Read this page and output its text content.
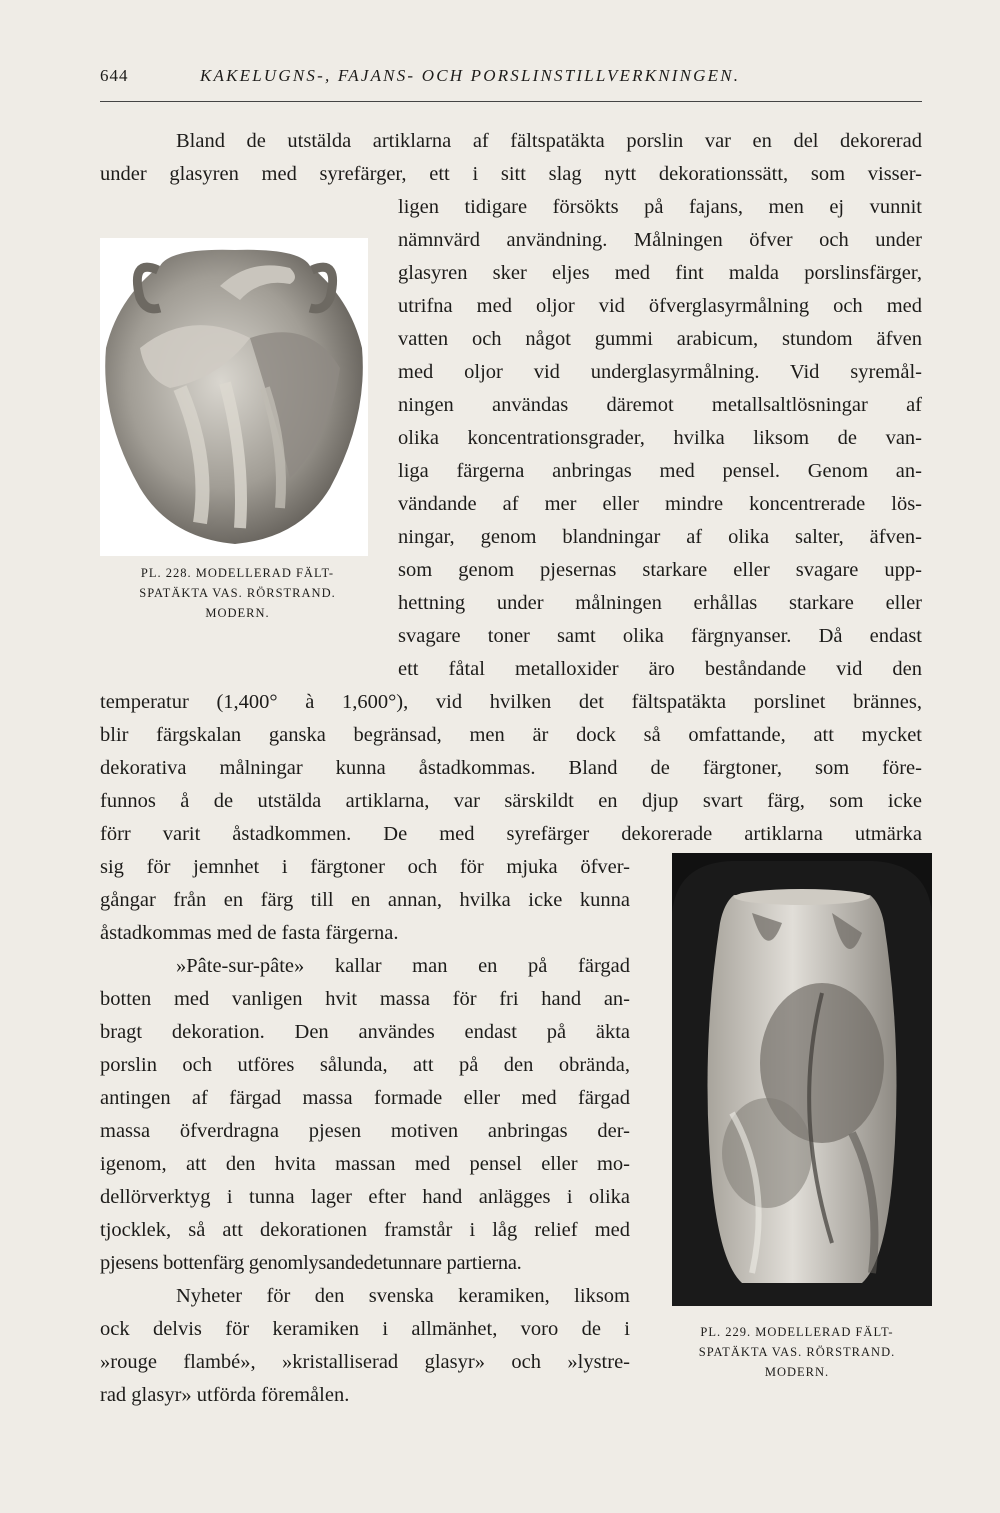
644	KAKELUGNS-, FAJANS- OCH PORSLINSTILLVERKNINGEN.
PL. 228. MODELLERAD FÄLT-
SPATÄKTA VAS. RÖRSTRAND.
MODERN.
PL. 229. MODELLERAD FÄLT-
SPATÄKTA VAS. RÖRSTRAND.
MODERN.
Bland de utstälda artiklarna af fältspatäkta porslin var en del dekorerad
under glasyren med syrefärger, ett i sitt slag nytt dekorationssätt, som visser-
ligen tidigare försökts på fajans, men ej vunnit
nämnvärd användning. Målningen öfver och under
glasyren sker eljes med fint malda porslinsfärger,
utrifna med oljor vid öfverglasyrmålning och med
vatten och något gummi arabicum, stundom äfven
med oljor vid underglasyrmålning. Vid syremål-
ningen användas däremot metallsaltlösningar af
olika koncentrationsgrader, hvilka liksom de van-
liga färgerna anbringas med pensel. Genom an-
vändande af mer eller mindre koncentrerade lös-
ningar, genom blandningar af olika salter, äfven-
som genom pjesernas starkare eller svagare upp-
hettning under målningen erhållas starkare eller
svagare toner samt olika färgnyanser. Då endast
ett fåtal metalloxider äro beståndande vid den
temperatur (1,400° à 1,600°), vid hvilken det fältspatäkta porslinet brännes,
blir färgskalan ganska begränsad, men är dock så omfattande, att mycket
dekorativa målningar kunna åstadkommas. Bland de färgtoner, som före-
funnos å de utstälda artiklarna, var särskildt en djup svart färg, som icke
förr varit åstadkommen. De med syrefärger dekorerade artiklarna utmärka
sig för jemnhet i färgtoner och för mjuka öfver-
gångar från en färg till en annan, hvilka icke kunna
åstadkommas med de fasta färgerna.
»Pâte-sur-pâte» kallar man en på färgad
botten med vanligen hvit massa för fri hand an-
bragt dekoration. Den användes endast på äkta
porslin och utföres sålunda, att på den obrända,
antingen af färgad massa formade eller med färgad
massa öfverdragna pjesen motiven anbringas der-
igenom, att den hvita massan med pensel eller mo-
dellörverktyg i tunna lager efter hand anlägges i olika
tjocklek, så att dekorationen framstår i låg relief med
pjesens bottenfärg genomlysandedetunnare partierna.
Nyheter för den svenska keramiken, liksom
ock delvis för keramiken i allmänhet, voro de i
»rouge flambé», »kristalliserad glasyr» och »lystre-
rad glasyr» utförda föremålen.
